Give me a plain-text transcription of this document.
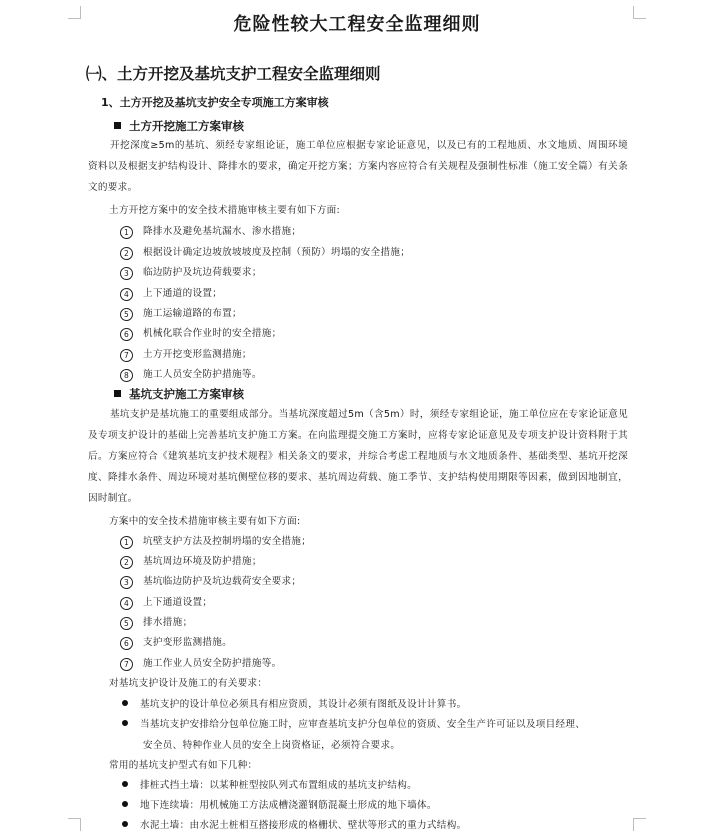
危险性较大工程安全监理细则
㈠、土方开挖及基坑支护工程安全监理细则
1、土方开挖及基坑支护安全专项施工方案审核
土方开挖施工方案审核
开挖深度≥5m的基坑、须经专家组论证，施工单位应根据专家论证意见，以及已有的工程地质、水文地质、周围环境资料以及根据支护结构设计、降排水的要求，确定开挖方案；方案内容应符合有关规程及强制性标准（施工安全篇）有关条文的要求。
土方开挖方案中的安全技术措施审核主要有如下方面:
1 降排水及避免基坑漏水、渗水措施；
2 根据设计确定边坡放坡坡度及控制（预防）坍塌的安全措施；
3 临边防护及坑边荷载要求；
4 上下通道的设置；
5 施工运输道路的布置；
6 机械化联合作业时的安全措施；
7 土方开挖变形监测措施；
8 施工人员安全防护措施等。
基坑支护施工方案审核
基坑支护是基坑施工的重要组成部分。当基坑深度超过5m（含5m）时，须经专家组论证，施工单位应在专家论证意见及专项支护设计的基础上完善基坑支护施工方案。在向监理提交施工方案时，应将专家论证意见及专项支护设计资料附于其后。方案应符合《建筑基坑支护技术规程》相关条文的要求，并综合考虑工程地质与水文地质条件、基础类型、基坑开挖深度、降排水条件、周边环境对基坑侧壁位移的要求、基坑周边荷载、施工季节、支护结构使用期限等因素，做到因地制宜，因时制宜。
方案中的安全技术措施审核主要有如下方面:
1 坑壁支护方法及控制坍塌的安全措施；
2 基坑周边环境及防护措施；
3 基坑临边防护及坑边载荷安全要求；
4 上下通道设置；
5 排水措施；
6 支护变形监测措施。
7 施工作业人员安全防护措施等。
对基坑支护设计及施工的有关要求：
基坑支护的设计单位必须具有相应资质，其设计必须有图纸及设计计算书。
当基坑支护安排给分包单位施工时，应审查基坑支护分包单位的资质、安全生产许可证以及项目经理、
安全员、特种作业人员的安全上岗资格证，必须符合要求。
常用的基坑支护型式有如下几种：
排桩式挡土墙：以某种桩型按队列式布置组成的基坑支护结构。
地下连续墙：用机械施工方法成槽浇灌钢筋混凝土形成的地下墙体。
水泥土墙：由水泥土桩相互搭接形成的格栅状、壁状等形式的重力式结构。
